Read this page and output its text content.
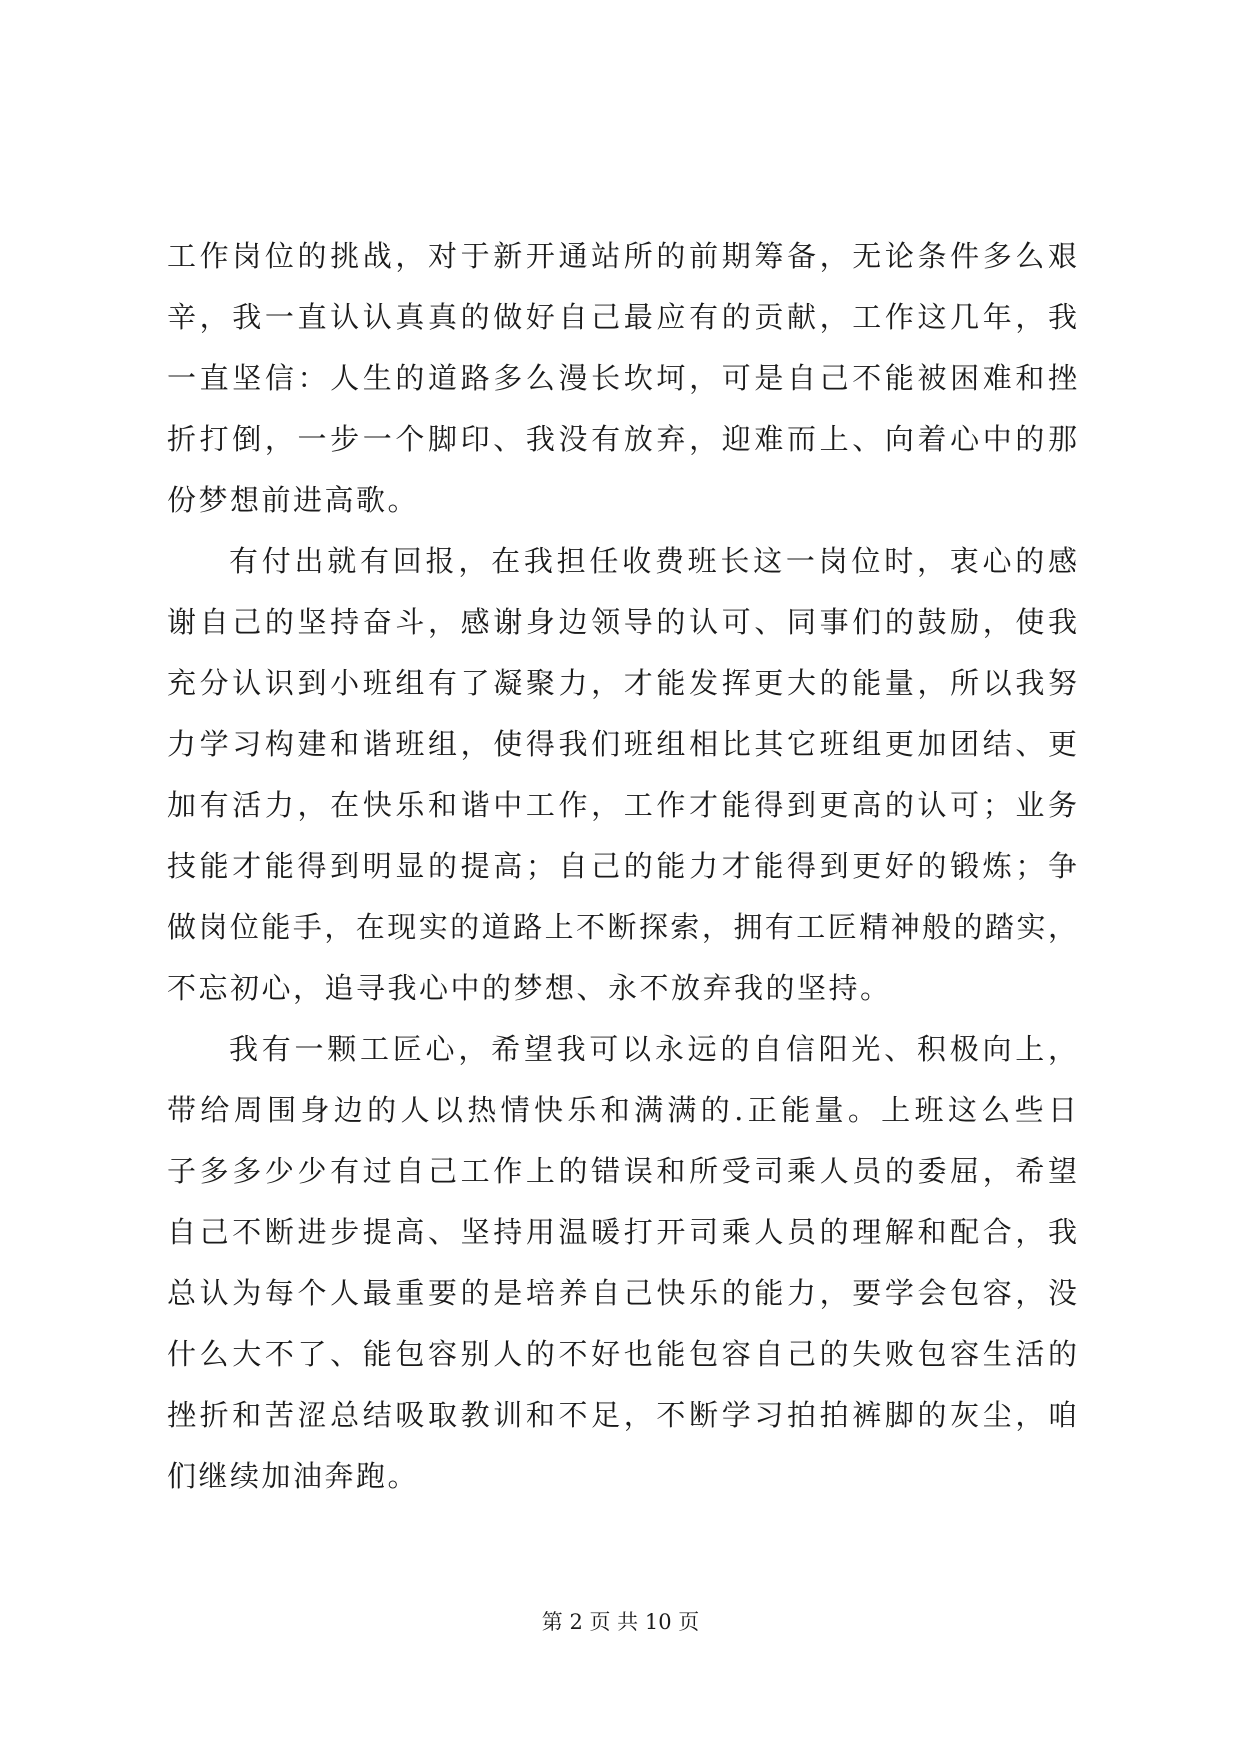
工作岗位的挑战，对于新开通站所的前期筹备，无论条件多么艰
辛，我一直认认真真的做好自己最应有的贡献，工作这几年，我
一直坚信：人生的道路多么漫长坎坷，可是自己不能被困难和挫
折打倒，一步一个脚印、我没有放弃，迎难而上、向着心中的那
份梦想前进高歌。
有付出就有回报，在我担任收费班长这一岗位时，衷心的感
谢自己的坚持奋斗，感谢身边领导的认可、同事们的鼓励，使我
充分认识到小班组有了凝聚力，才能发挥更大的能量，所以我努
力学习构建和谐班组，使得我们班组相比其它班组更加团结、更
加有活力，在快乐和谐中工作，工作才能得到更高的认可；业务
技能才能得到明显的提高；自己的能力才能得到更好的锻炼；争
做岗位能手，在现实的道路上不断探索，拥有工匠精神般的踏实，
不忘初心，追寻我心中的梦想、永不放弃我的坚持。
我有一颗工匠心，希望我可以永远的自信阳光、积极向上，
带给周围身边的人以热情快乐和满满的.正能量。上班这么些日
子多多少少有过自己工作上的错误和所受司乘人员的委屈，希望
自己不断进步提高、坚持用温暖打开司乘人员的理解和配合，我
总认为每个人最重要的是培养自己快乐的能力，要学会包容，没
什么大不了、能包容别人的不好也能包容自己的失败包容生活的
挫折和苦涩总结吸取教训和不足，不断学习拍拍裤脚的灰尘，咱
们继续加油奔跑。
第 2 页 共 10 页
